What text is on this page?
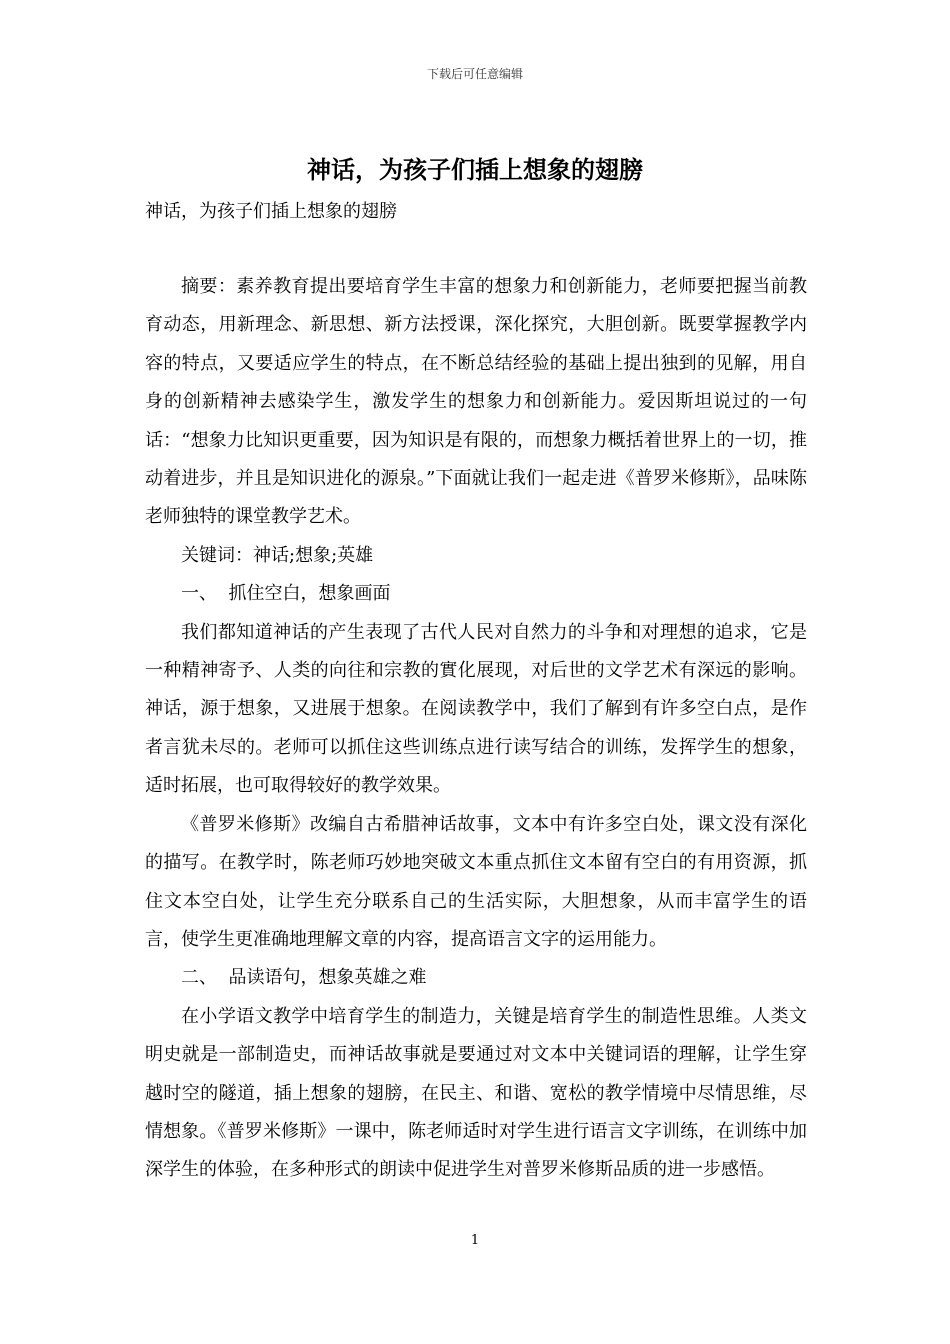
下载后可任意编辑
神话，为孩子们插上想象的翅膀

神话，为孩子们插上想象的翅膀

摘要：素养教育提出要培育学生丰富的想象力和创新能力，老师要把握当前教育动态，用新理念、新思想、新方法授课，深化探究，大胆创新。既要掌握教学内容的特点，又要适应学生的特点，在不断总结经验的基础上提出独到的见解，用自身的创新精神去感染学生，激发学生的想象力和创新能力。爱因斯坦说过的一句话：“想象力比知识更重要，因为知识是有限的，而想象力概括着世界上的一切，推动着进步，并且是知识进化的源泉。”下面就让我们一起走进《普罗米修斯》，品味陈老师独特的课堂教学艺术。

关键词：神话;想象;英雄

一、  抓住空白，想象画面

我们都知道神话的产生表现了古代人民对自然力的斗争和对理想的追求，它是一种精神寄予、人类的向往和宗教的實化展现，对后世的文学艺术有深远的影响。神话，源于想象，又进展于想象。在阅读教学中，我们了解到有许多空白点，是作者言犹未尽的。老师可以抓住这些训练点进行读写结合的训练，发挥学生的想象，适时拓展，也可取得较好的教学效果。

《普罗米修斯》改编自古希腊神话故事，文本中有许多空白处，课文没有深化的描写。在教学时，陈老师巧妙地突破文本重点抓住文本留有空白的有用资源，抓住文本空白处，让学生充分联系自己的生活实际，大胆想象，从而丰富学生的语言，使学生更准确地理解文章的内容，提高语言文字的运用能力。

二、  品读语句，想象英雄之难

在小学语文教学中培育学生的制造力，关键是培育学生的制造性思维。人类文明史就是一部制造史，而神话故事就是要通过对文本中关键词语的理解，让学生穿越时空的隧道，插上想象的翅膀，在民主、和谐、宽松的教学情境中尽情思维，尽情想象。《普罗米修斯》一课中，陈老师适时对学生进行语言文字训练，在训练中加深学生的体验，在多种形式的朗读中促进学生对普罗米修斯品质的进一步感悟。

1
